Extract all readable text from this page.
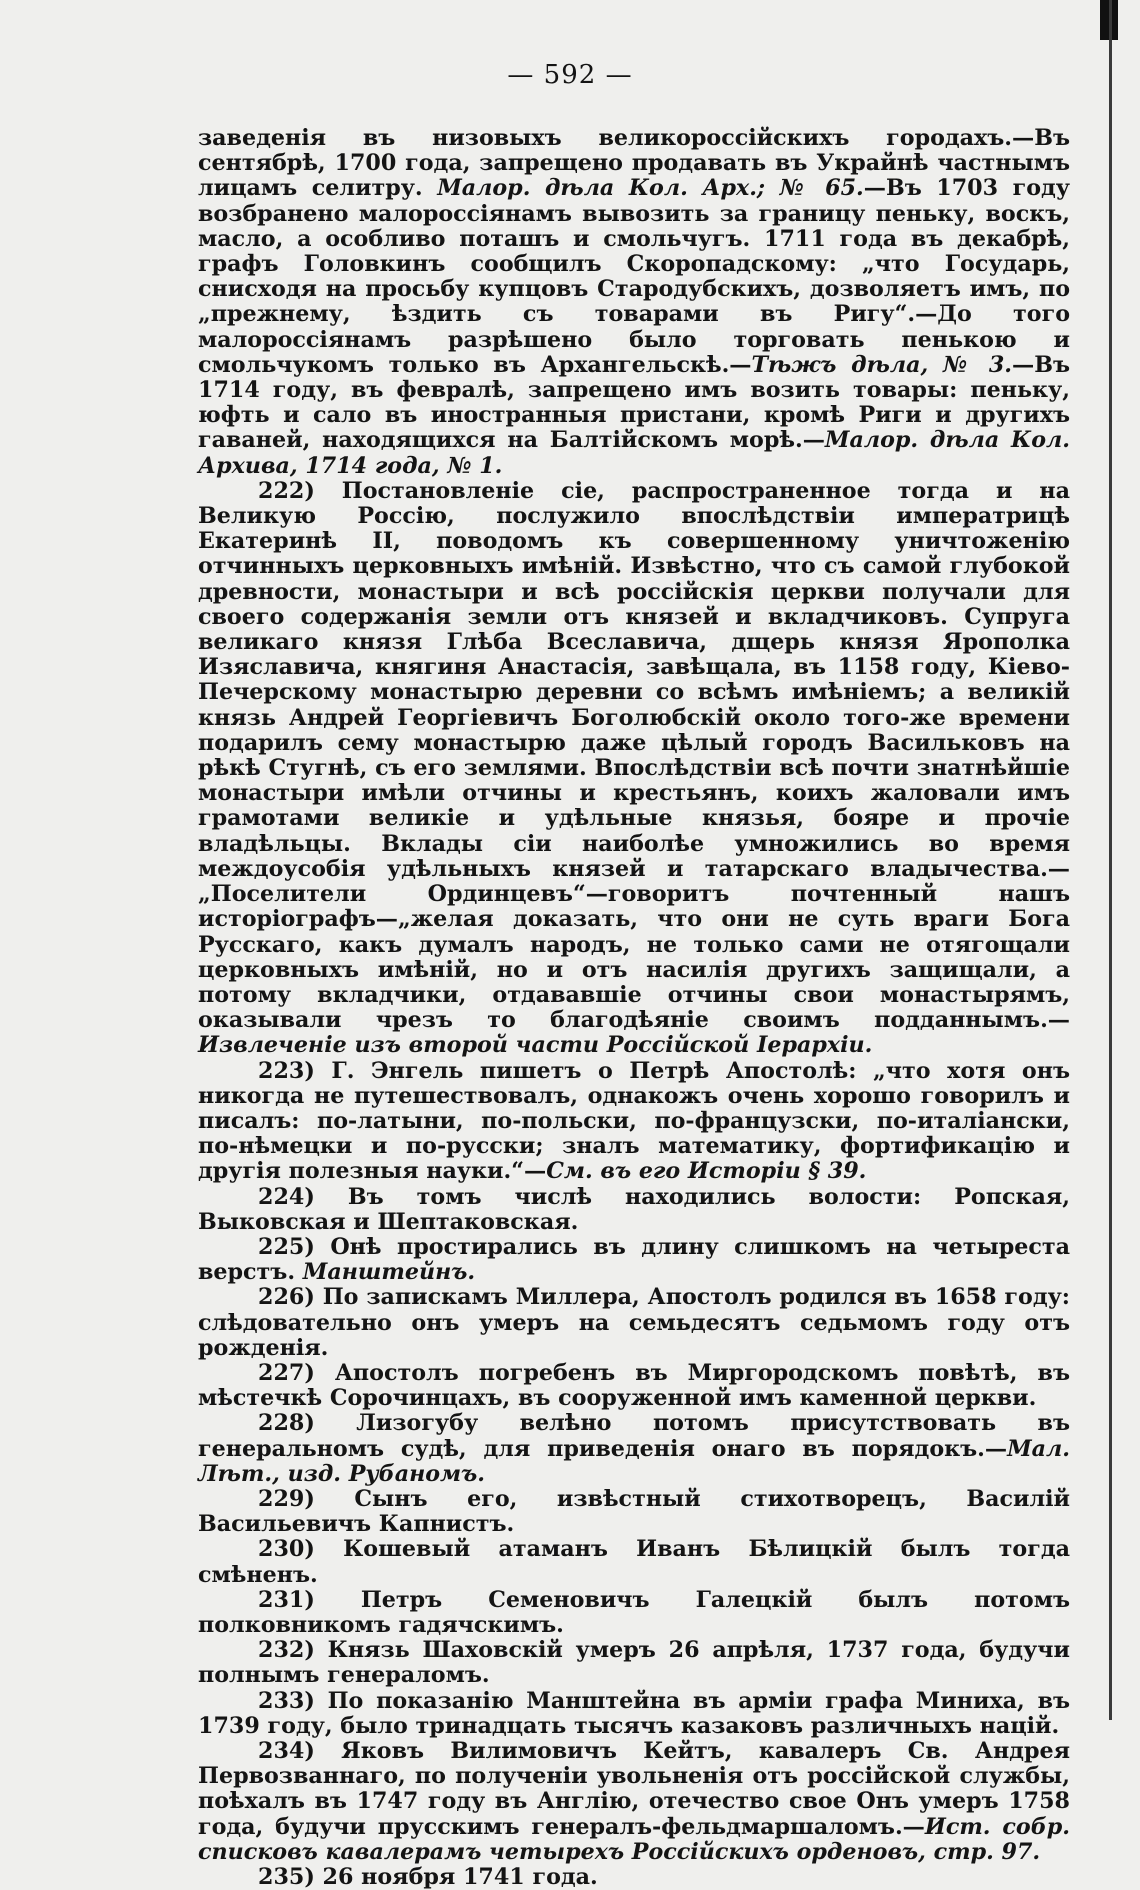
— 592 —

заведенія въ низовыхъ великороссійскихъ городахъ.—Въ сентябрѣ, 1700 года, запрещено продавать въ Украйнѣ частнымъ лицамъ селитру. Малор. дѣла Кол. Арх.; № 65.—Въ 1703 году возбранено малороссіянамъ вывозить за границу пеньку, воскъ, масло, а особливо поташъ и смольчугъ. 1711 года въ декабрѣ, графъ Головкинъ сообщилъ Скоропадскому: „что Государь, снисходя на просьбу купцовъ Стародубскихъ, дозволяетъ имъ, по „прежнему, ѣздить съ товарами въ Ригу“.—До того малороссіянамъ разрѣшено было торговать пенькою и смольчукомъ только въ Архангельскѣ.—Тѣжъ дѣла, № 3.—Въ 1714 году, въ февралѣ, запрещено имъ возить товары: пеньку, юфть и сало въ иностранныя пристани, кромѣ Риги и другихъ гаваней, находящихся на Балтійскомъ морѣ.—Малор. дѣла Кол. Архива, 1714 года, № 1.

222) Постановленіе сіе, распространенное тогда и на Великую Россію, послужило впослѣдствіи императрицѣ Екатеринѣ II, поводомъ къ совершенному уничтоженію отчинныхъ церковныхъ имѣній. Извѣстно, что съ самой глубокой древности, монастыри и всѣ россійскія церкви получали для своего содержанія земли отъ князей и вкладчиковъ. Супруга великаго князя Глѣба Всеславича, дщерь князя Ярополка Изяславича, княгиня Анастасія, завѣщала, въ 1158 году, Кіево-Печерскому монастырю деревни со всѣмъ имѣніемъ; а великій князь Андрей Георгіевичъ Боголюбскій около того-же времени подарилъ сему монастырю даже цѣлый городъ Васильковъ на рѣкѣ Стугнѣ, съ его землями. Впослѣдствіи всѣ почти знатнѣйшіе монастыри имѣли отчины и крестьянъ, коихъ жаловали имъ грамотами великіе и удѣльные князья, бояре и прочіе владѣльцы. Вклады сіи наиболѣе умножились во время междоусобія удѣльныхъ князей и татарскаго владычества.—„Поселители Ординцевъ“—говоритъ почтенный нашъ исторіографъ—„желая доказать, что они не суть враги Бога Русскаго, какъ думалъ народъ, не только сами не отягощали церковныхъ имѣній, но и отъ насилія другихъ защищали, а потому вкладчики, отдававшіе отчины свои монастырямъ, оказывали чрезъ то благодѣяніе своимъ подданнымъ.—Извлеченіе изъ второй части Россійской Іерархіи.

223) Г. Энгель пишетъ о Петрѣ Апостолѣ: „что хотя онъ никогда не путешествовалъ, однакожъ очень хорошо говорилъ и писалъ: по-латыни, по-польски, по-французски, по-италіански, по-нѣмецки и по-русски; зналъ математику, фортификацію и другія полезныя науки.“—См. въ его Исторіи § 39.

224) Въ томъ числѣ находились волости: Ропская, Выковская и Шептаковская.

225) Онѣ простирались въ длину слишкомъ на четыреста верстъ. Манштейнъ.

226) По запискамъ Миллера, Апостолъ родился въ 1658 году: слѣдовательно онъ умеръ на семьдесятъ седьмомъ году отъ рожденія.

227) Апостолъ погребенъ въ Миргородскомъ повѣтѣ, въ мѣстечкѣ Сорочинцахъ, въ сооруженной имъ каменной церкви.

228) Лизогубу велѣно потомъ присутствовать въ генеральномъ судѣ, для приведенія онаго въ порядокъ.—Мал. Лѣт., изд. Рубаномъ.

229) Сынъ его, извѣстный стихотворецъ, Василій Васильевичъ Капнистъ.

230) Кошевый атаманъ Иванъ Бѣлицкій былъ тогда смѣненъ.

231) Петръ Семеновичъ Галецкій былъ потомъ полковникомъ гадячскимъ.

232) Князь Шаховскій умеръ 26 апрѣля, 1737 года, будучи полнымъ генераломъ.

233) По показанію Манштейна въ арміи графа Миниха, въ 1739 году, было тринадцать тысячъ казаковъ различныхъ націй.

234) Яковъ Вилимовичъ Кейтъ, кавалеръ Св. Андрея Первозваннаго, по полученіи увольненія отъ россійской службы, поѣхалъ въ 1747 году въ Англію, отечество свое Онъ умеръ 1758 года, будучи прусскимъ генералъ-фельдмаршаломъ.—Ист. собр. списковъ кавалерамъ четырехъ Россійскихъ орденовъ, стр. 97.

235) 26 ноября 1741 года.
